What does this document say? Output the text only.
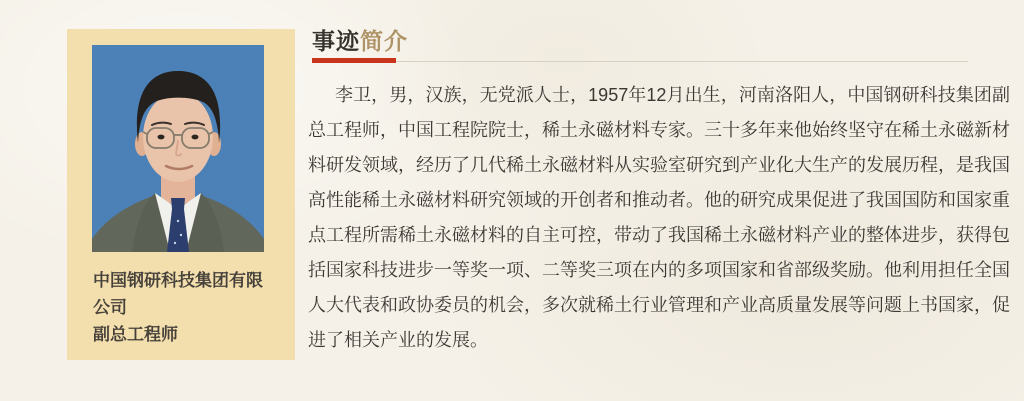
中国钢研科技集团有限公司
副总工程师
事迹简介

李卫，男，汉族，无党派人士，1957年12月出生，河南洛阳人，中国钢研科技集团副总工程师，中国工程院院士，稀土永磁材料专家。三十多年来他始终坚守在稀土永磁新材料研发领域，经历了几代稀土永磁材料从实验室研究到产业化大生产的发展历程，是我国高性能稀土永磁材料研究领域的开创者和推动者。他的研究成果促进了我国国防和国家重点工程所需稀土永磁材料的自主可控，带动了我国稀土永磁材料产业的整体进步，获得包括国家科技进步一等奖一项、二等奖三项在内的多项国家和省部级奖励。他利用担任全国人大代表和政协委员的机会，多次就稀土行业管理和产业高质量发展等问题上书国家，促进了相关产业的发展。
